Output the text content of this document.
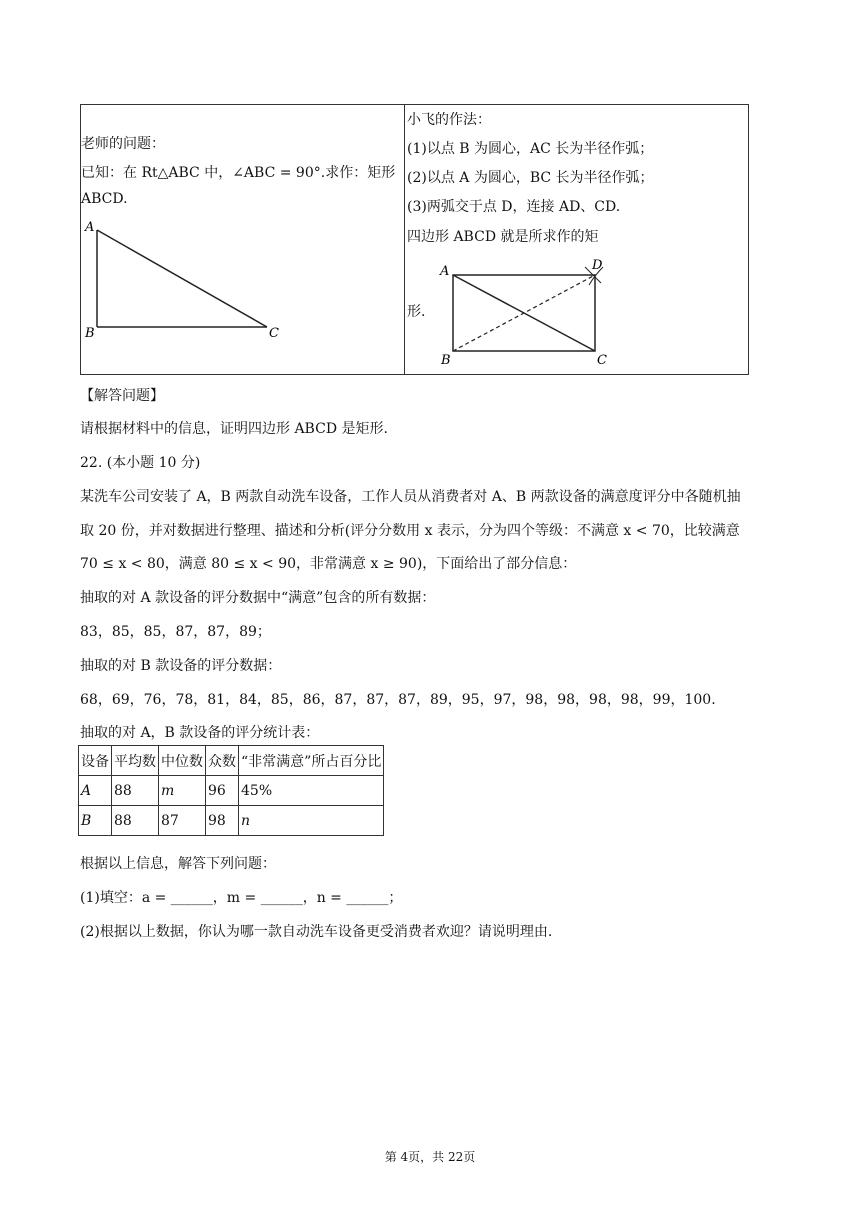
老师的问题：
已知：在 Rt△ABC 中，∠ABC = 90°.求作：矩形
ABCD.
A
B	C
小飞的作法：
(1)以点 B 为圆心，AC 长为半径作弧；
(2)以点 A 为圆心，BC 长为半径作弧；
(3)两弧交于点 D，连接 AD、CD.
四边形 ABCD 就是所求作的矩
形.
A
B	C
D
【解答问题】
请根据材料中的信息，证明四边形 ABCD 是矩形.
22. (本小题 10 分)
某洗车公司安装了 A，B 两款自动洗车设备，工作人员从消费者对 A、B 两款设备的满意度评分中各随机抽
取 20 份，并对数据进行整理、描述和分析(评分分数用 x 表示，分为四个等级：不满意 x < 70，比较满意
70 ≤ x < 80，满意 80 ≤ x < 90，非常满意 x ≥ 90)，下面给出了部分信息：
抽取的对 A 款设备的评分数据中“满意”包含的所有数据：
83，85，85，87，87，89；
抽取的对 B 款设备的评分数据：
68，69，76，78，81，84，85，86，87，87，87，89，95，97，98，98，98，98，99，100.
抽取的对 A，B 款设备的评分统计表：
设备	平均数	中位数	众数	“非常满意”所占百分比
A	88	m	96	45%
B	88	87	98	n
根据以上信息，解答下列问题：
(1)填空：a = ______，m = ______，n = ______；
(2)根据以上数据，你认为哪一款自动洗车设备更受消费者欢迎？请说明理由.
第 4页，共 22页
